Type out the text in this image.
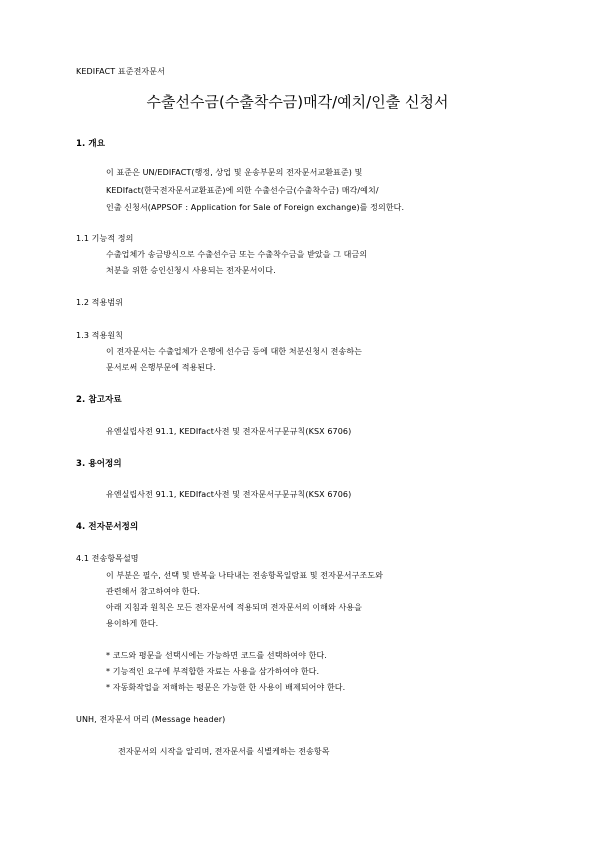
KEDIFACT 표준전자문서
수출선수금(수출착수금)매각/예치/인출 신청서
1. 개요
이 표준은 UN/EDIFACT(행정, 상업 및 운송부문의 전자문서교환표준) 및
KEDIfact(한국전자문서교환표준)에 의한 수출선수금(수출착수금) 매각/예치/
인출 신청서(APPSOF : Application for Sale of Foreign exchange)를 정의한다.
1.1 기능적 정의
수출업체가 송금방식으로 수출선수금 또는 수출착수금을 받았을 그 대금의
처분을 위한 승인신청시 사용되는 전자문서이다.
1.2 적용범위
1.3 적용원칙
이 전자문서는 수출업체가 은행에 선수금 등에 대한 처분신청시 전송하는
문서로써 은행부문에 적용된다.
2. 참고자료
유엔실립사전 91.1, KEDIfact사전 및 전자문서구문규칙(KSX 6706)
3. 용어정의
유엔실립사전 91.1, KEDIfact사전 및 전자문서구문규칙(KSX 6706)
4. 전자문서정의
4.1 전송항목설명
이 부분은 필수, 선택 및 반복을 나타내는 전송항목일람표 및 전자문서구조도와
관련해서 참고하여야 한다.
아래 지침과 원칙은 모든 전자문서에 적용되며 전자문서의 이해와 사용을
용이하게 한다.
* 코드와 평문을 선택시에는 가능하면 코드를 선택하여야 한다.
* 기능적인 요구에 부적합한 자료는 사용을 삼가하여야 한다.
* 자동화작업을 저해하는 평문은 가능한 한 사용이 배제되어야 한다.
UNH, 전자문서 머리 (Message header)
전자문서의 시작을 알리며, 전자문서를 식별케하는 전송항목
